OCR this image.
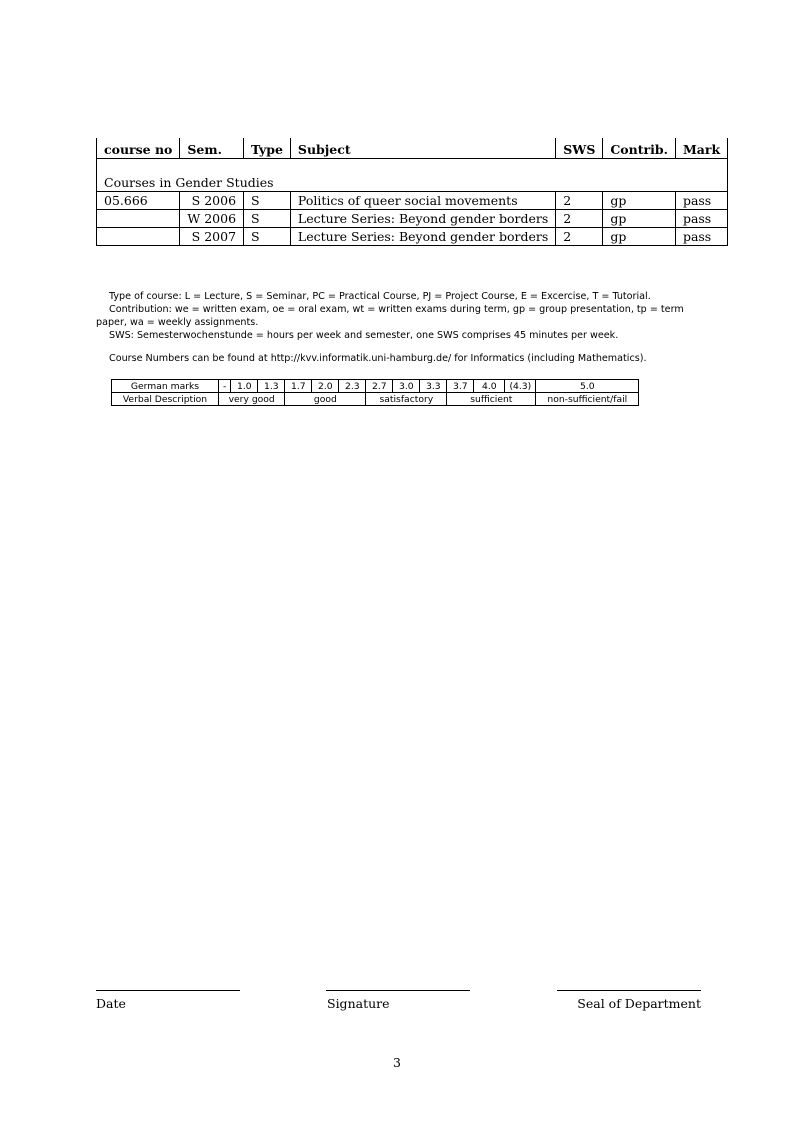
course no	Sem.	Type	Subject	SWS	Contrib.	Mark

Courses in Gender Studies						
05.666	S 2006	S	Politics of queer social movements	2	gp	pass
	W 2006	S	Lecture Series: Beyond gender borders	2	gp	pass
	S 2007	S	Lecture Series: Beyond gender borders	2	gp	pass

Type of course: L = Lecture, S = Seminar, PC = Practical Course, PJ = Project Course, E = Excercise, T = Tutorial.

Contribution: we = written exam, oe = oral exam, wt = written exams during term, gp = group presentation, tp = term paper, wa = weekly assignments.

SWS: Semesterwochenstunde = hours per week and semester, one SWS comprises 45 minutes per week.

Course Numbers can be found at http://kvv.informatik.uni-hamburg.de/ for Informatics (including Mathematics).

German marks	-	1.0	1.3	1.7	2.0	2.3	2.7	3.0	3.3	3.7	4.0	(4.3)	5.0
Verbal Description	very good			good			satisfactory			sufficient			non-sufficient/fail
Date	Signature	Seal of Department
3
